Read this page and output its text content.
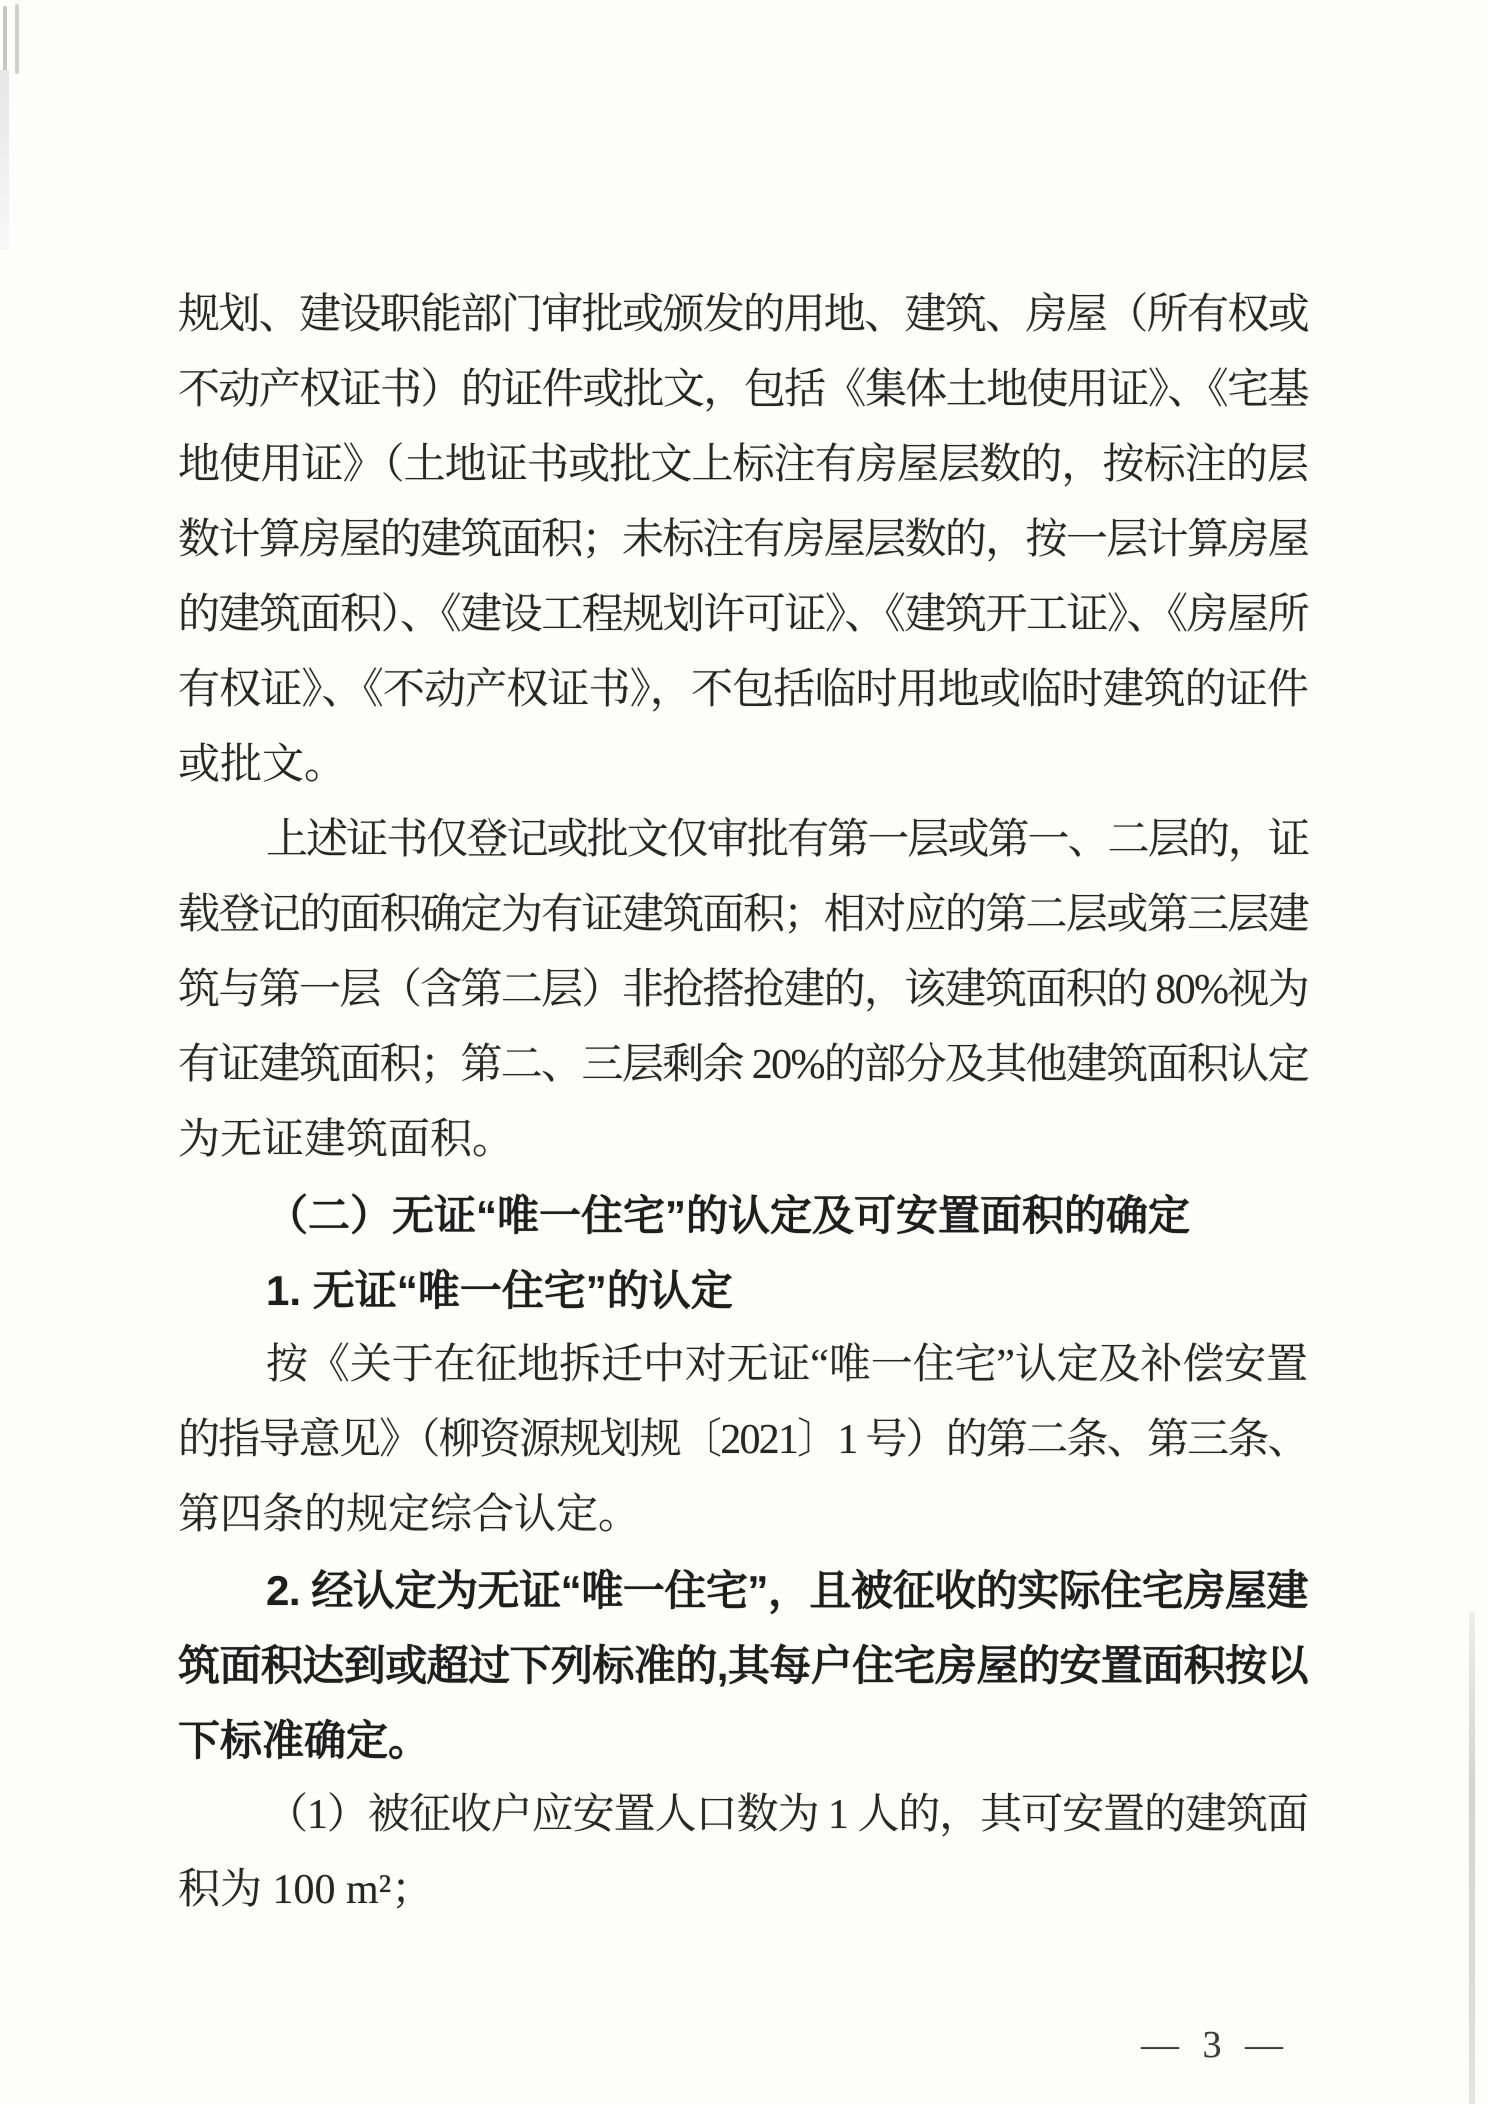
规划、建设职能部门审批或颁发的用地、建筑、房屋（所有权或
不动产权证书）的证件或批文，包括《集体土地使用证》、《宅基
地使用证》（土地证书或批文上标注有房屋层数的，按标注的层
数计算房屋的建筑面积；未标注有房屋层数的，按一层计算房屋
的建筑面积）、《建设工程规划许可证》、《建筑开工证》、《房屋所
有权证》、《不动产权证书》，不包括临时用地或临时建筑的证件
或批文。
上述证书仅登记或批文仅审批有第一层或第一、二层的，证
载登记的面积确定为有证建筑面积；相对应的第二层或第三层建
筑与第一层（含第二层）非抢搭抢建的，该建筑面积的 80%视为
有证建筑面积；第二、三层剩余 20%的部分及其他建筑面积认定
为无证建筑面积。
（二）无证“唯一住宅”的认定及可安置面积的确定
1. 无证“唯一住宅”的认定
按《关于在征地拆迁中对无证“唯一住宅”认定及补偿安置
的指导意见》（柳资源规划规〔2021〕1 号）的第二条、第三条、
第四条的规定综合认定。
2. 经认定为无证“唯一住宅”，且被征收的实际住宅房屋建
筑面积达到或超过下列标准的,其每户住宅房屋的安置面积按以
下标准确定。
（1）被征收户应安置人口数为 1 人的，其可安置的建筑面
积为 100 m²；
— 3 —
